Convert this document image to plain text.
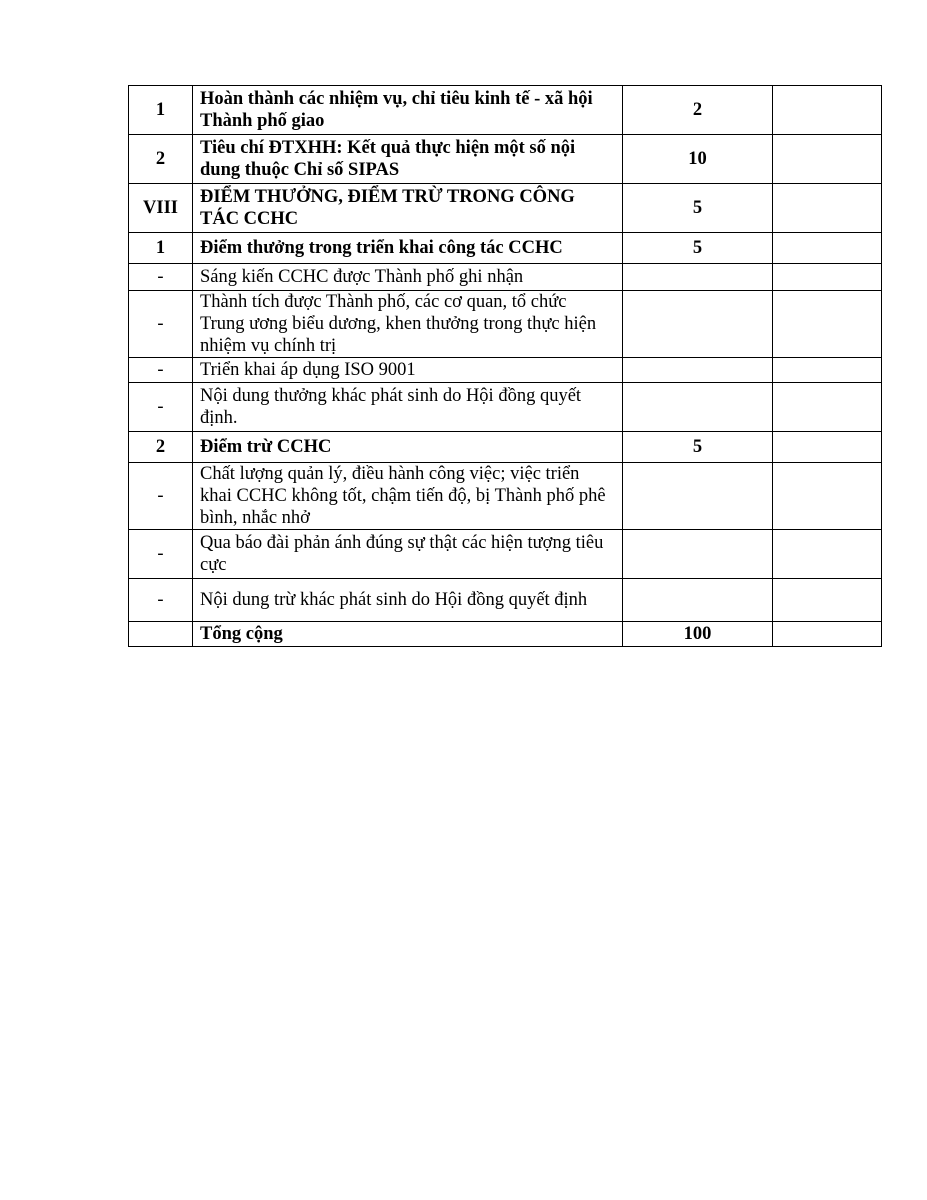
1	Hoàn thành các nhiệm vụ, chỉ tiêu kinh tế - xã hội Thành phố giao	2	
2	Tiêu chí ĐTXHH: Kết quả thực hiện một số nội dung thuộc Chỉ số SIPAS	10	
VIII	ĐIỂM THƯỞNG, ĐIỂM TRỪ TRONG CÔNG TÁC CCHC	5	
1	Điểm thưởng trong triển khai công tác CCHC	5	
-	Sáng kiến CCHC được Thành phố ghi nhận		
-	Thành tích được Thành phố, các cơ quan, tổ chức Trung ương biểu dương, khen thưởng trong thực hiện nhiệm vụ chính trị		
-	Triển khai áp dụng ISO 9001		
-	Nội dung thưởng khác phát sinh do Hội đồng quyết định.		
2	Điểm trừ CCHC	5	
-	Chất lượng quản lý, điều hành công việc; việc triển khai CCHC không tốt, chậm tiến độ, bị Thành phố phê bình, nhắc nhở		
-	Qua báo đài phản ánh đúng sự thật các hiện tượng tiêu cực		
-	Nội dung trừ khác phát sinh do Hội đồng quyết định		
	Tổng cộng	100	
